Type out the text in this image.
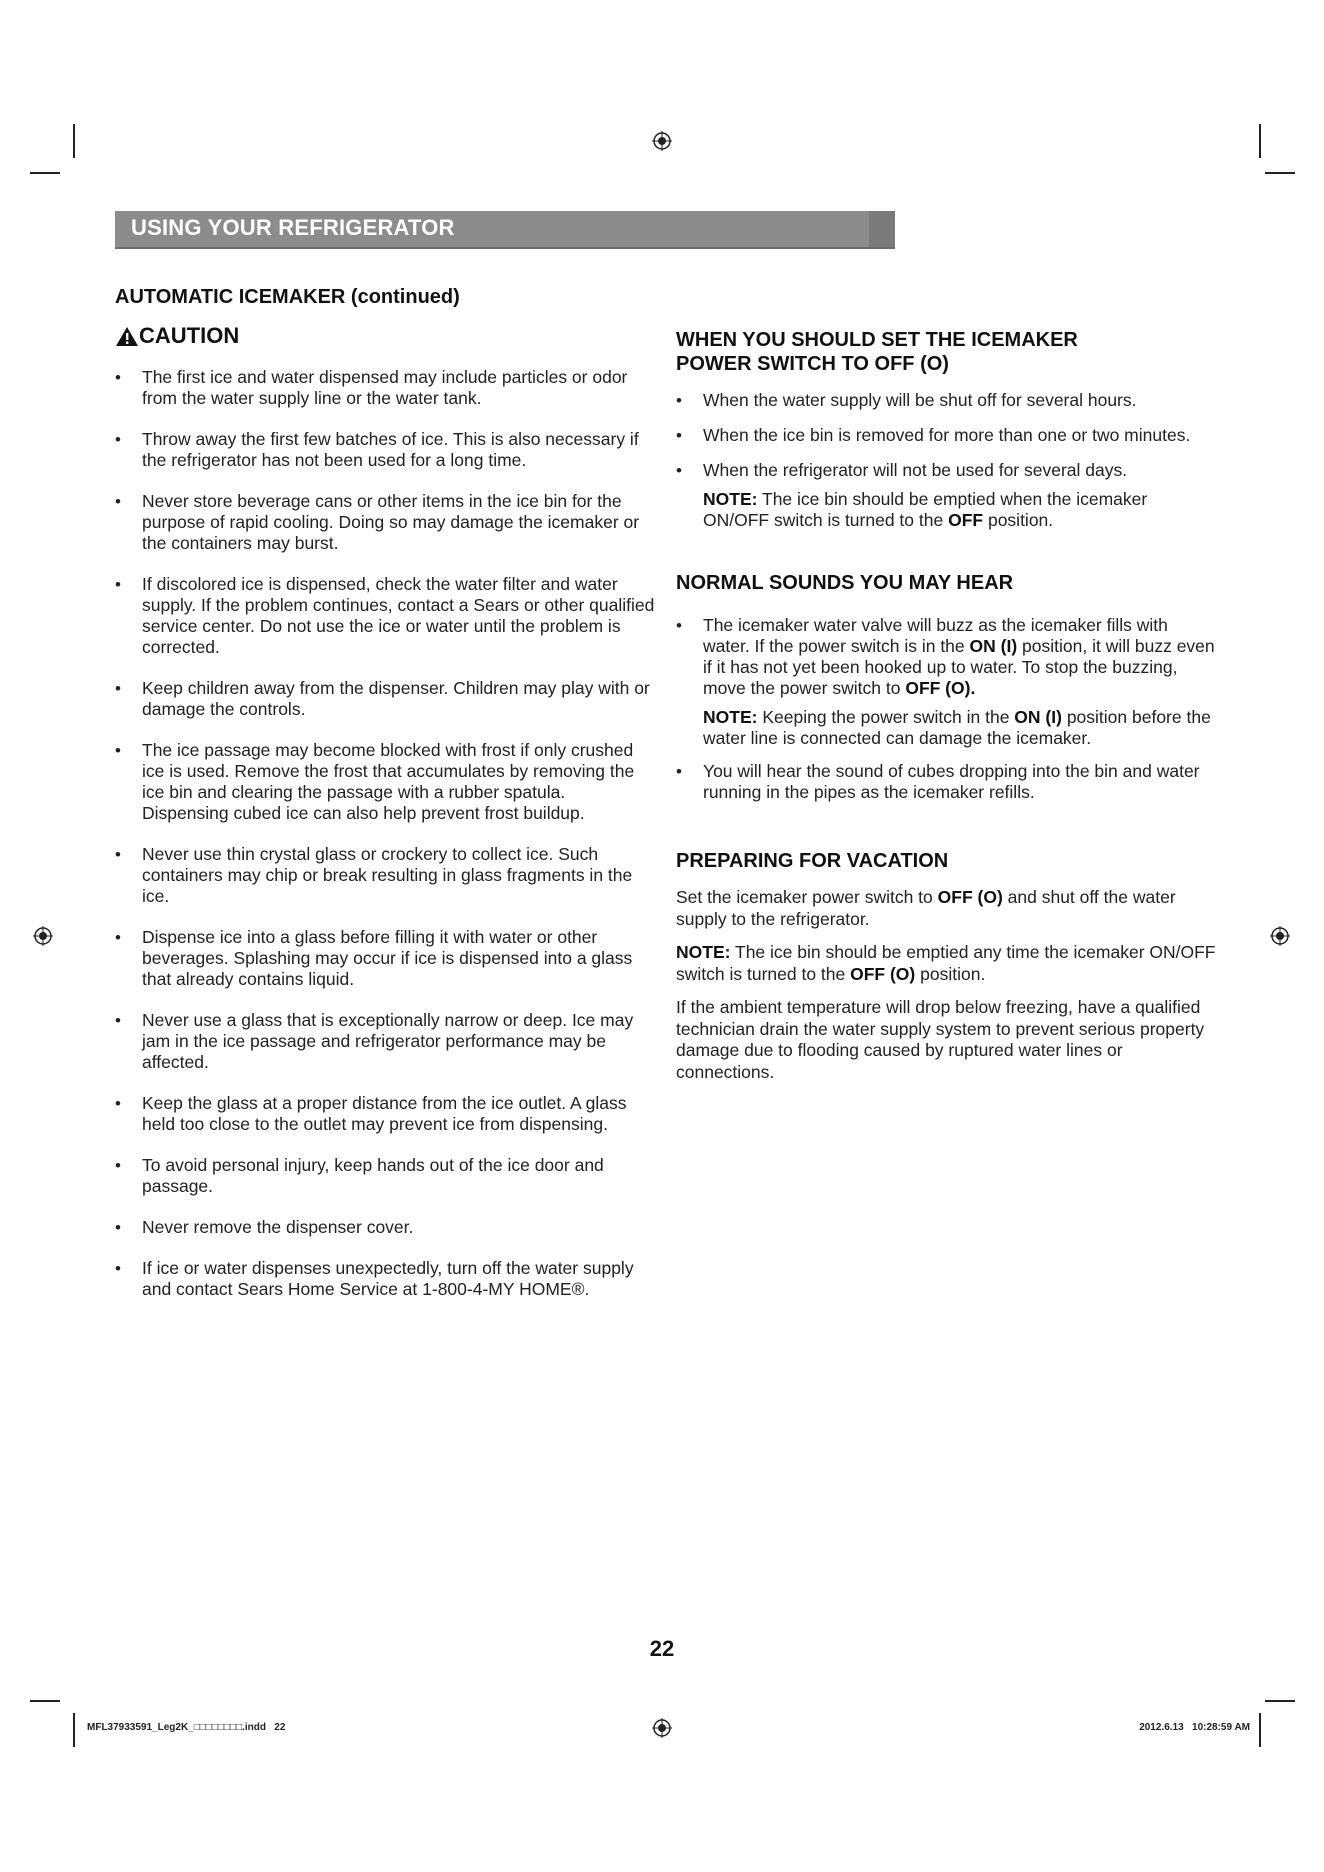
USING YOUR REFRIGERATOR
AUTOMATIC ICEMAKER (continued)
CAUTION
• The first ice and water dispensed may include particles or odor from the water supply line or the water tank.
• Throw away the first few batches of ice. This is also necessary if the refrigerator has not been used for a long time.
• Never store beverage cans or other items in the ice bin for the purpose of rapid cooling. Doing so may damage the icemaker or the containers may burst.
• If discolored ice is dispensed, check the water filter and water supply. If the problem continues, contact a Sears or other qualified service center. Do not use the ice or water until the problem is corrected.
• Keep children away from the dispenser. Children may play with or damage the controls.
• The ice passage may become blocked with frost if only crushed ice is used. Remove the frost that accumulates by removing the ice bin and clearing the passage with a rubber spatula. Dispensing cubed ice can also help prevent frost buildup.
• Never use thin crystal glass or crockery to collect ice. Such containers may chip or break resulting in glass fragments in the ice.
• Dispense ice into a glass before filling it with water or other beverages. Splashing may occur if ice is dispensed into a glass that already contains liquid.
• Never use a glass that is exceptionally narrow or deep. Ice may jam in the ice passage and refrigerator performance may be affected.
• Keep the glass at a proper distance from the ice outlet. A glass held too close to the outlet may prevent ice from dispensing.
• To avoid personal injury, keep hands out of the ice door and passage.
• Never remove the dispenser cover.
• If ice or water dispenses unexpectedly, turn off the water supply and contact Sears Home Service at 1-800-4-MY HOME®.
WHEN YOU SHOULD SET THE ICEMAKER
POWER SWITCH TO OFF (O)
• When the water supply will be shut off for several hours.
• When the ice bin is removed for more than one or two minutes.
• When the refrigerator will not be used for several days.

NOTE: The ice bin should be emptied when the icemaker ON/OFF switch is turned to the OFF position.

NORMAL SOUNDS YOU MAY HEAR
• The icemaker water valve will buzz as the icemaker fills with water. If the power switch is in the ON (I) position, it will buzz even if it has not yet been hooked up to water. To stop the buzzing, move the power switch to OFF (O).
NOTE: Keeping the power switch in the ON (I) position before the water line is connected can damage the icemaker.
• You will hear the sound of cubes dropping into the bin and water running in the pipes as the icemaker refills.
PREPARING FOR VACATION

Set the icemaker power switch to OFF (O) and shut off the water supply to the refrigerator.

NOTE: The ice bin should be emptied any time the icemaker ON/OFF switch is turned to the OFF (O) position.

If the ambient temperature will drop below freezing, have a qualified technician drain the water supply system to prevent serious property damage due to flooding caused by ruptured water lines or connections.

22
MFL37933591_Leg2K_□□□□□□□□.indd   22	2012.6.13   10:28:59 AM
